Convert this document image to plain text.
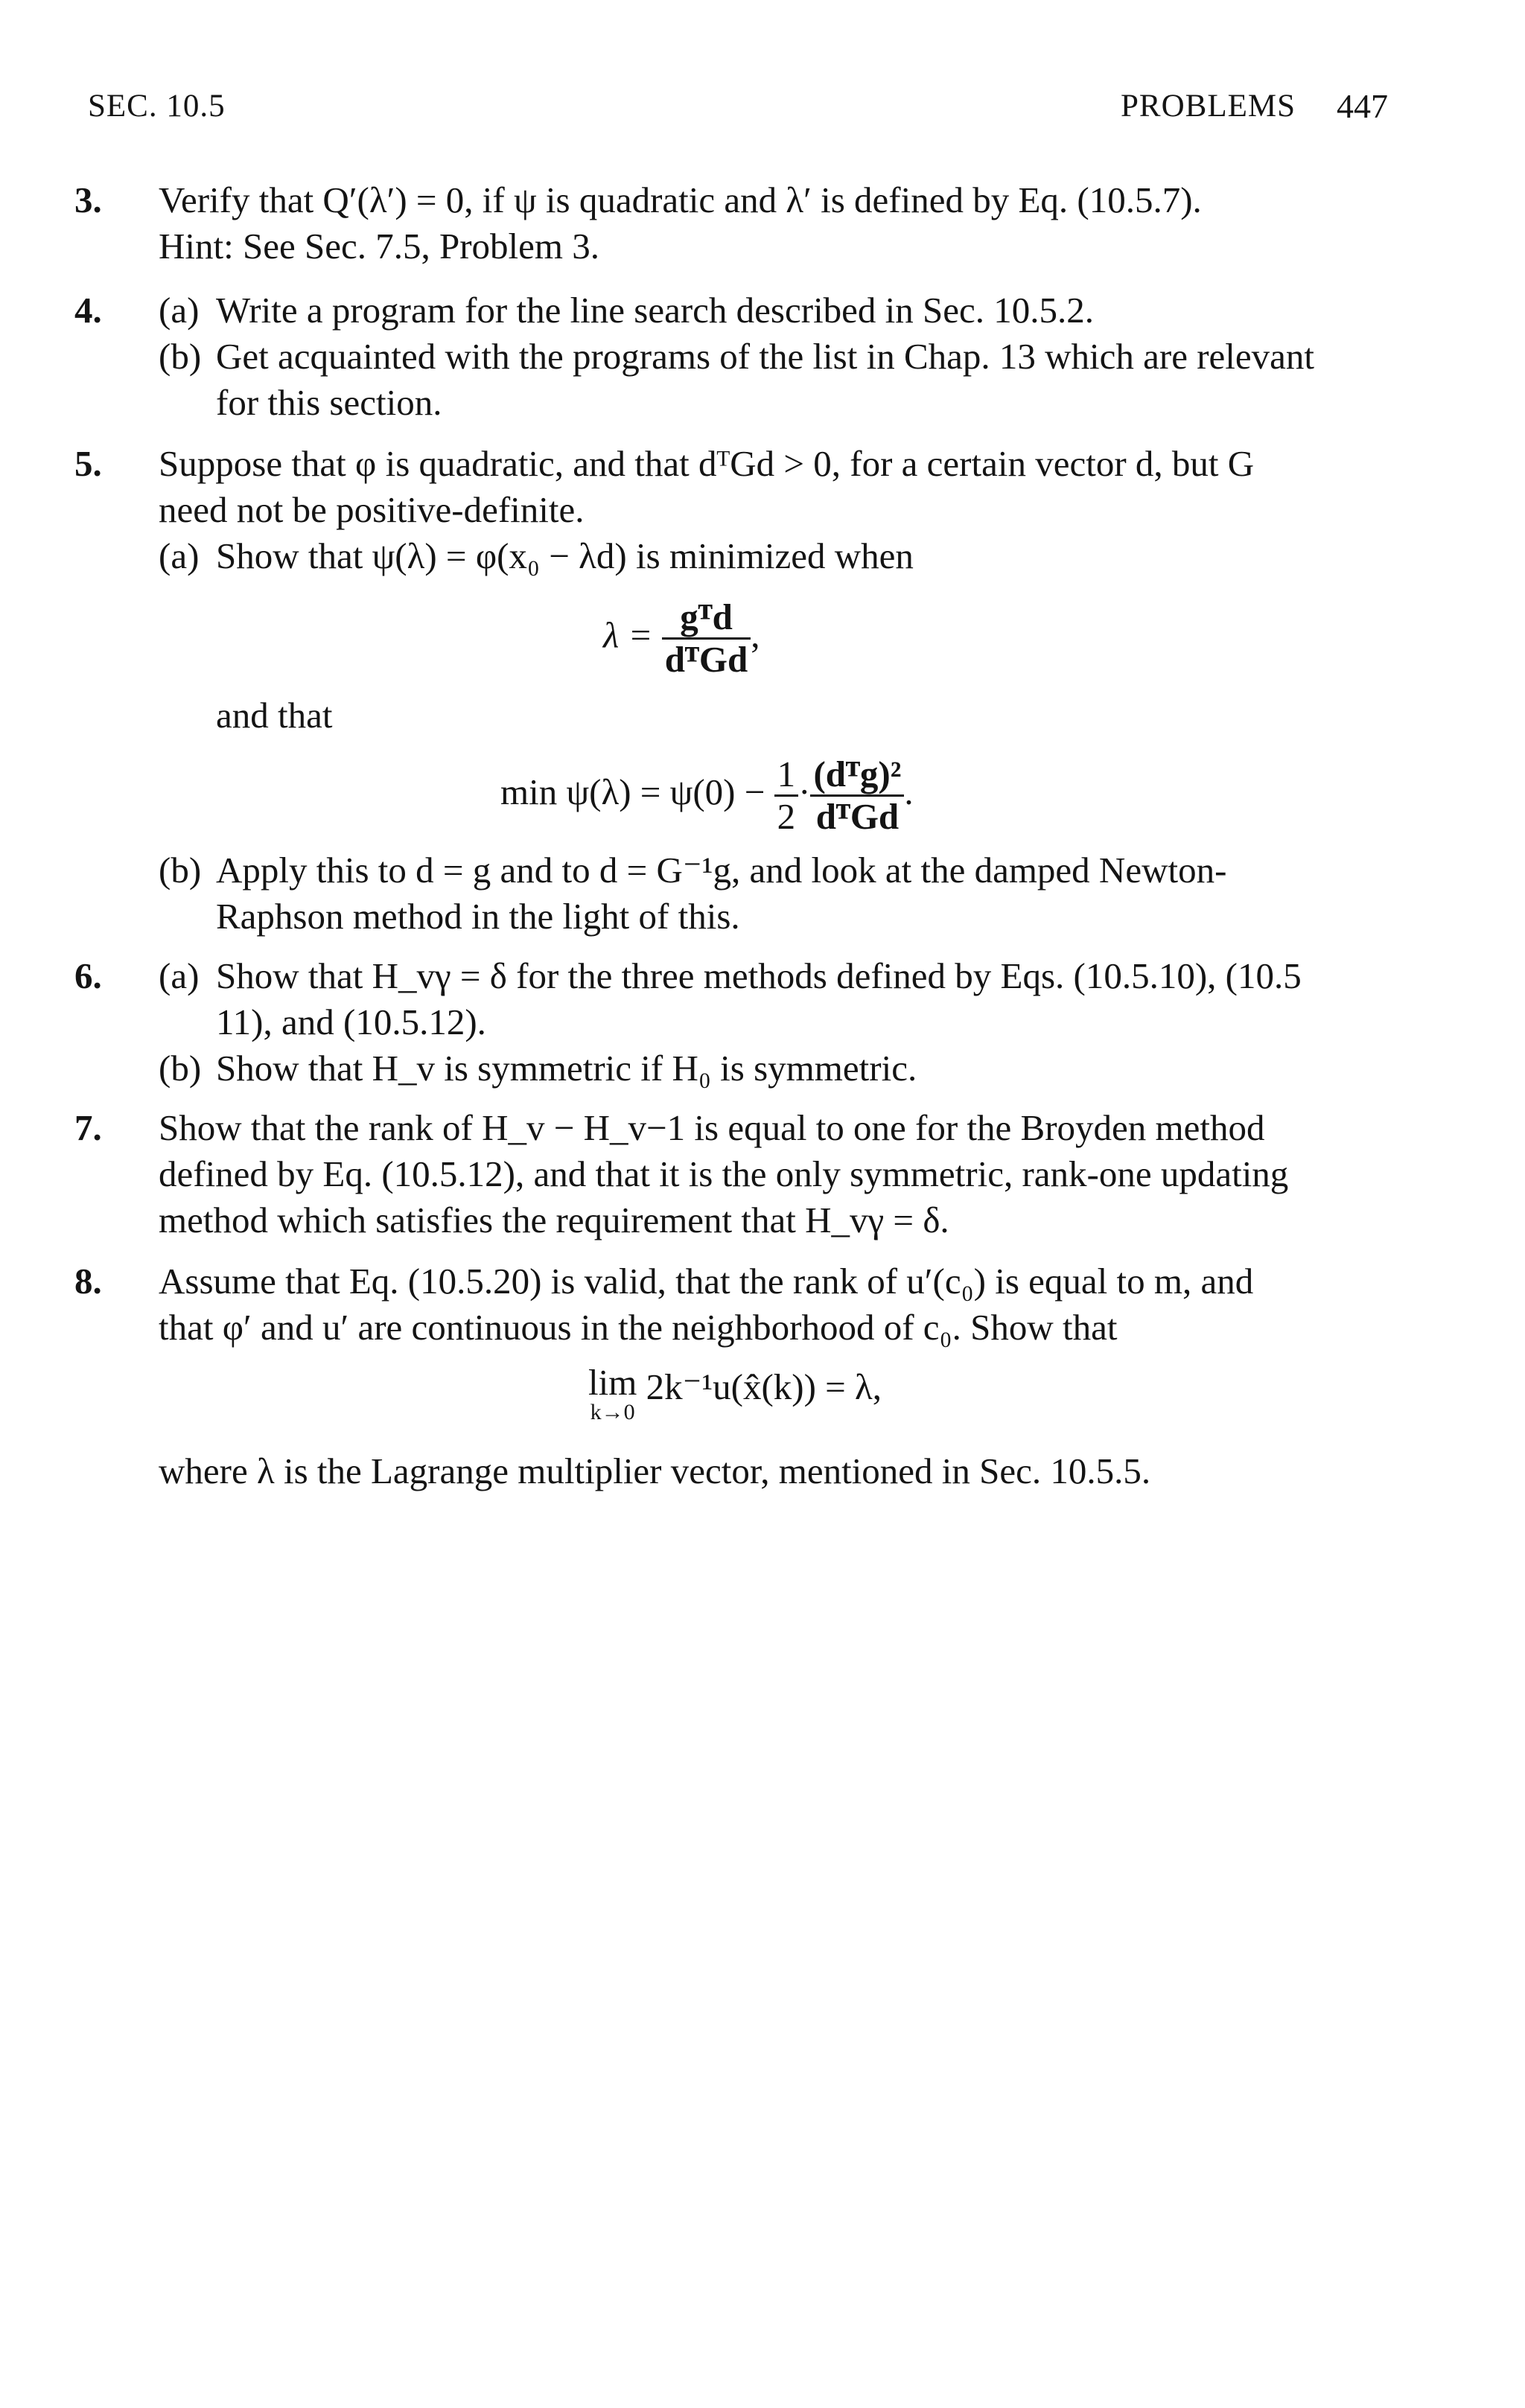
SEC. 10.5	PROBLEMS 447
3.	Verify that Q′(λ′) = 0, if ψ is quadratic and λ′ is defined by Eq. (10.5.7).
Hint: See Sec. 7.5, Problem 3.
4.	(a) Write a program for the line search described in Sec. 10.5.2.
(b) Get acquainted with the programs of the list in Chap. 13 which are relevant
for this section.
5.	Suppose that φ is quadratic, and that dᵀGd > 0, for a certain vector d, but G
need not be positive-definite.
(a) Show that ψ(λ) = φ(x₀ − λd) is minimized when
$\lambda = \frac{\text{gᵀd}}{\text{dᵀGd}}$ ,
and that
$\min \psi(\lambda) = \psi(0) - \frac{1}{2} \cdot \frac{\text{(dᵀg)²}}{\text{dᵀGd}}$ .
(b) Apply this to d = g and to d = G⁻¹g, and look at the damped Newton-
Raphson method in the light of this.
6.	(a) Show that H_vγ = δ for the three methods defined by Eqs. (10.5.10), (10.5
11), and (10.5.12).
(b) Show that H_v is symmetric if H₀ is symmetric.
7.	Show that the rank of H_v − H_v−1 is equal to one for the Broyden method
defined by Eq. (10.5.12), and that it is the only symmetric, rank-one updating
method which satisfies the requirement that H_vγ = δ.
8.	Assume that Eq. (10.5.20) is valid, that the rank of u′(c₀) is equal to m, and
that φ′ and u′ are continuous in the neighborhood of c₀. Show that
lim
k→0
2k⁻¹u(x̂(k)) = λ,
where λ is the Lagrange multiplier vector, mentioned in Sec. 10.5.5.
